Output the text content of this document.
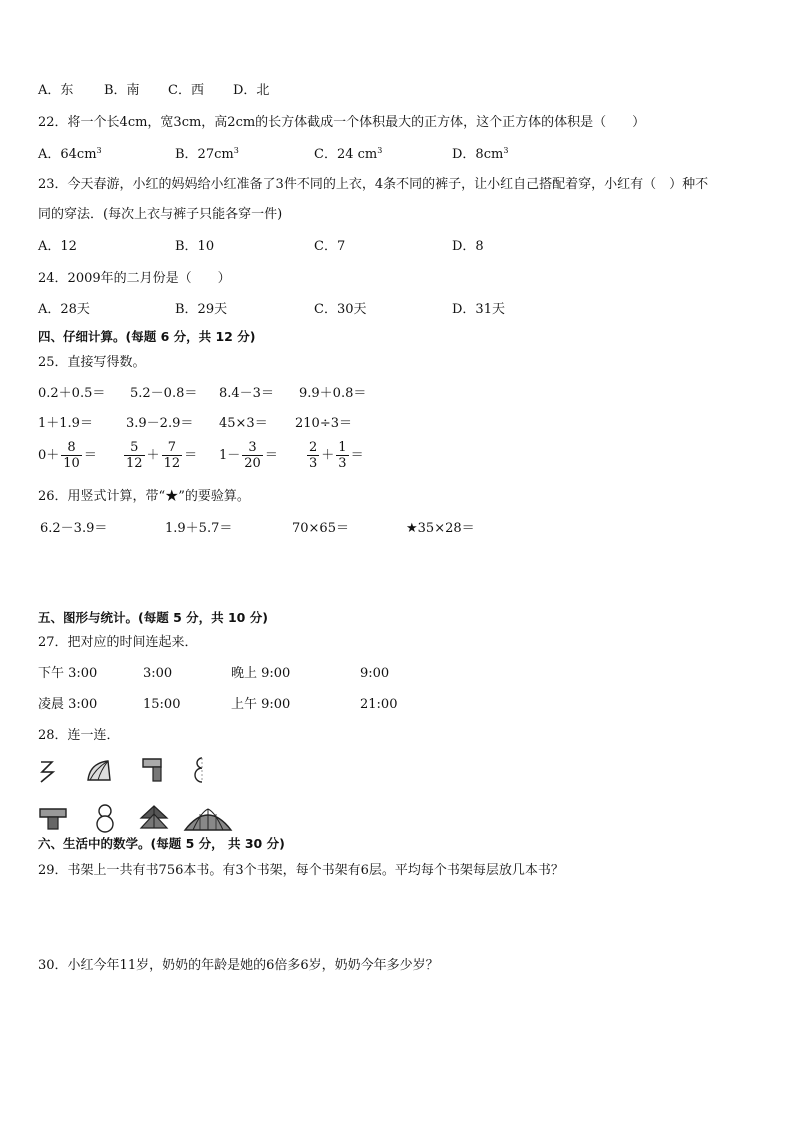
A．东 B．南 C．西 D．北
22．将一个长4cm，宽3cm，高2cm的长方体截成一个体积最大的正方体，这个正方体的体积是（　　）
A．$64cm^3$	B．$27cm^3$	C．24 $cm^3$	D．$8cm^3$
23．今天春游，小红的妈妈给小红准备了3件不同的上衣，4条不同的裤子，让小红自己搭配着穿，小红有（　）种不
同的穿法．(每次上衣与裤子只能各穿一件)
A．12	B．10	C．7	D．8
24．2009年的二月份是（　　）
A．28天	B．29天	C．30天	D．31天
四、仔细计算。(每题 6 分，共 12 分)
25．直接写得数。
0.2＋0.5＝ 5.2－0.8＝ 8.4－3＝ 9.9＋0.8＝
1＋1.9＝	3.9－2.9＝ 45×3＝ 210÷3＝
$0+ \frac{8}{10} = \frac{5}{12} + \frac{7}{12} = 1- \frac{3}{20} = \frac{2}{3} + \frac{1}{3}$ ＝
26．用竖式计算，带“★”的要验算。
6.2－3.9＝	1.9＋5.7＝	70×65＝	★35×28＝
五、图形与统计。(每题 5 分，共 10 分)
27．把对应的时间连起来．
下午 3:00	3:00	晚上 9:00	9:00
凌晨 3:00	15:00	上午 9:00	21:00
28．连一连．
六、生活中的数学。(每题 5 分， 共 30 分)
29．书架上一共有书756本书。有3个书架，每个书架有6层。平均每个书架每层放几本书？
30．小红今年11岁，奶奶的年龄是她的6倍多6岁，奶奶今年多少岁？
